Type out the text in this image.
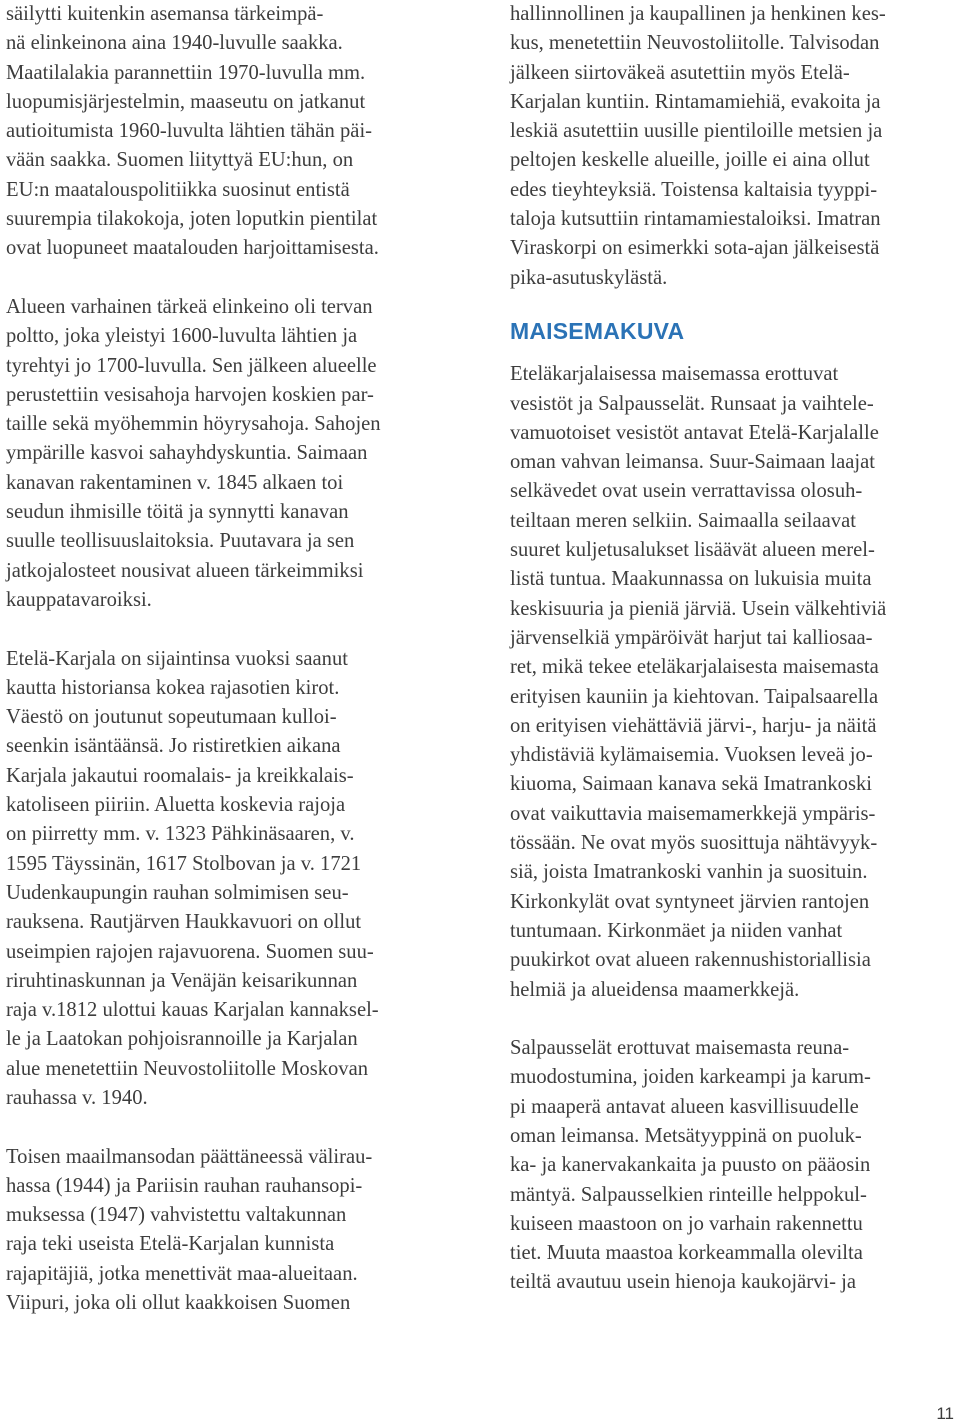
säilytti kuitenkin asemansa tärkeimpä-
nä elinkeinona aina 1940-luvulle saakka.
Maatilalakia parannettiin 1970-luvulla mm.
luopumisjärjestelmin, maaseutu on jatkanut
autioitumista 1960-luvulta lähtien tähän päi-
vään saakka. Suomen liityttyä EU:hun, on
EU:n maatalouspolitiikka suosinut entistä
suurempia tilakokoja, joten loputkin pientilat
ovat luopuneet maatalouden harjoittamisesta.
Alueen varhainen tärkeä elinkeino oli tervan
poltto, joka yleistyi 1600-luvulta lähtien ja
tyrehtyi jo 1700-luvulla. Sen jälkeen alueelle
perustettiin vesisahoja harvojen koskien par-
taille sekä myöhemmin höyrysahoja. Sahojen
ympärille kasvoi sahayhdyskuntia. Saimaan
kanavan rakentaminen v. 1845 alkaen toi
seudun ihmisille töitä ja synnytti kanavan
suulle teollisuuslaitoksia. Puutavara ja sen
jatkojalosteet nousivat alueen tärkeimmiksi
kauppatavaroiksi.
Etelä-Karjala on sijaintinsa vuoksi saanut
kautta historiansa kokea rajasotien kirot.
Väestö on joutunut sopeutumaan kulloi-
seenkin isäntäänsä. Jo ristiretkien aikana
Karjala jakautui roomalais- ja kreikkalais-
katoliseen piiriin. Aluetta koskevia rajoja
on piirretty mm. v. 1323 Pähkinäsaaren, v.
1595 Täyssinän, 1617 Stolbovan ja v. 1721
Uudenkaupungin rauhan solmimisen seu-
rauksena. Rautjärven Haukkavuori on ollut
useimpien rajojen rajavuorena. Suomen suu-
riruhtinaskunnan ja Venäjän keisarikunnan
raja v.1812 ulottui kauas Karjalan kannaksel-
le ja Laatokan pohjoisrannoille ja Karjalan
alue menetettiin Neuvostoliitolle Moskovan
rauhassa v. 1940.
Toisen maailmansodan päättäneessä välirau-
hassa (1944) ja Pariisin rauhan rauhansopi-
muksessa (1947) vahvistettu valtakunnan
raja teki useista Etelä-Karjalan kunnista
rajapitäjiä, jotka menettivät maa-alueitaan.
Viipuri, joka oli ollut kaakkoisen Suomen
hallinnollinen ja kaupallinen ja henkinen kes-
kus, menetettiin Neuvostoliitolle. Talvisodan
jälkeen siirtoväkeä asutettiin myös Etelä-
Karjalan kuntiin. Rintamamiehiä, evakoita ja
leskiä asutettiin uusille pientiloille metsien ja
peltojen keskelle alueille, joille ei aina ollut
edes tieyhteyksiä. Toistensa kaltaisia tyyppi-
taloja kutsuttiin rintamamiestaloiksi. Imatran
Viraskorpi on esimerkki sota-ajan jälkeisestä
pika-asutuskylästä.
MAISEMAKUVA
Eteläkarjalaisessa maisemassa erottuvat
vesistöt ja Salpausselät. Runsaat ja vaihtele-
vamuotoiset vesistöt antavat Etelä-Karjalalle
oman vahvan leimansa. Suur-Saimaan laajat
selkävedet ovat usein verrattavissa olosuh-
teiltaan meren selkiin. Saimaalla seilaavat
suuret kuljetusalukset lisäävät alueen merel-
listä tuntua. Maakunnassa on lukuisia muita
keskisuuria ja pieniä järviä. Usein välkehtiviä
järvenselkiä ympäröivät harjut tai kalliosaa-
ret, mikä tekee eteläkarjalaisesta maisemasta
erityisen kauniin ja kiehtovan. Taipalsaarella
on erityisen viehättäviä järvi-, harju- ja näitä
yhdistäviä kylämaisemia. Vuoksen leveä jo-
kiuoma, Saimaan kanava sekä Imatrankoski
ovat vaikuttavia maisemamerkkejä ympäris-
tössään. Ne ovat myös suosittuja nähtävyyk-
siä, joista Imatrankoski vanhin ja suosituin.
Kirkonkylät ovat syntyneet järvien rantojen
tuntumaan. Kirkonmäet ja niiden vanhat
puukirkot ovat alueen rakennushistoriallisia
helmiä ja alueidensa maamerkkejä.
Salpausselät erottuvat maisemasta reuna-
muodostumina, joiden karkeampi ja karum-
pi maaperä antavat alueen kasvillisuudelle
oman leimansa. Metsätyyppinä on puoluk-
ka- ja kanervakankaita ja puusto on pääosin
mäntyä. Salpausselkien rinteille helppokul-
kuiseen maastoon on jo varhain rakennettu
tiet. Muuta maastoa korkeammalla olevilta
teiltä avautuu usein hienoja kaukojärvi- ja
11
